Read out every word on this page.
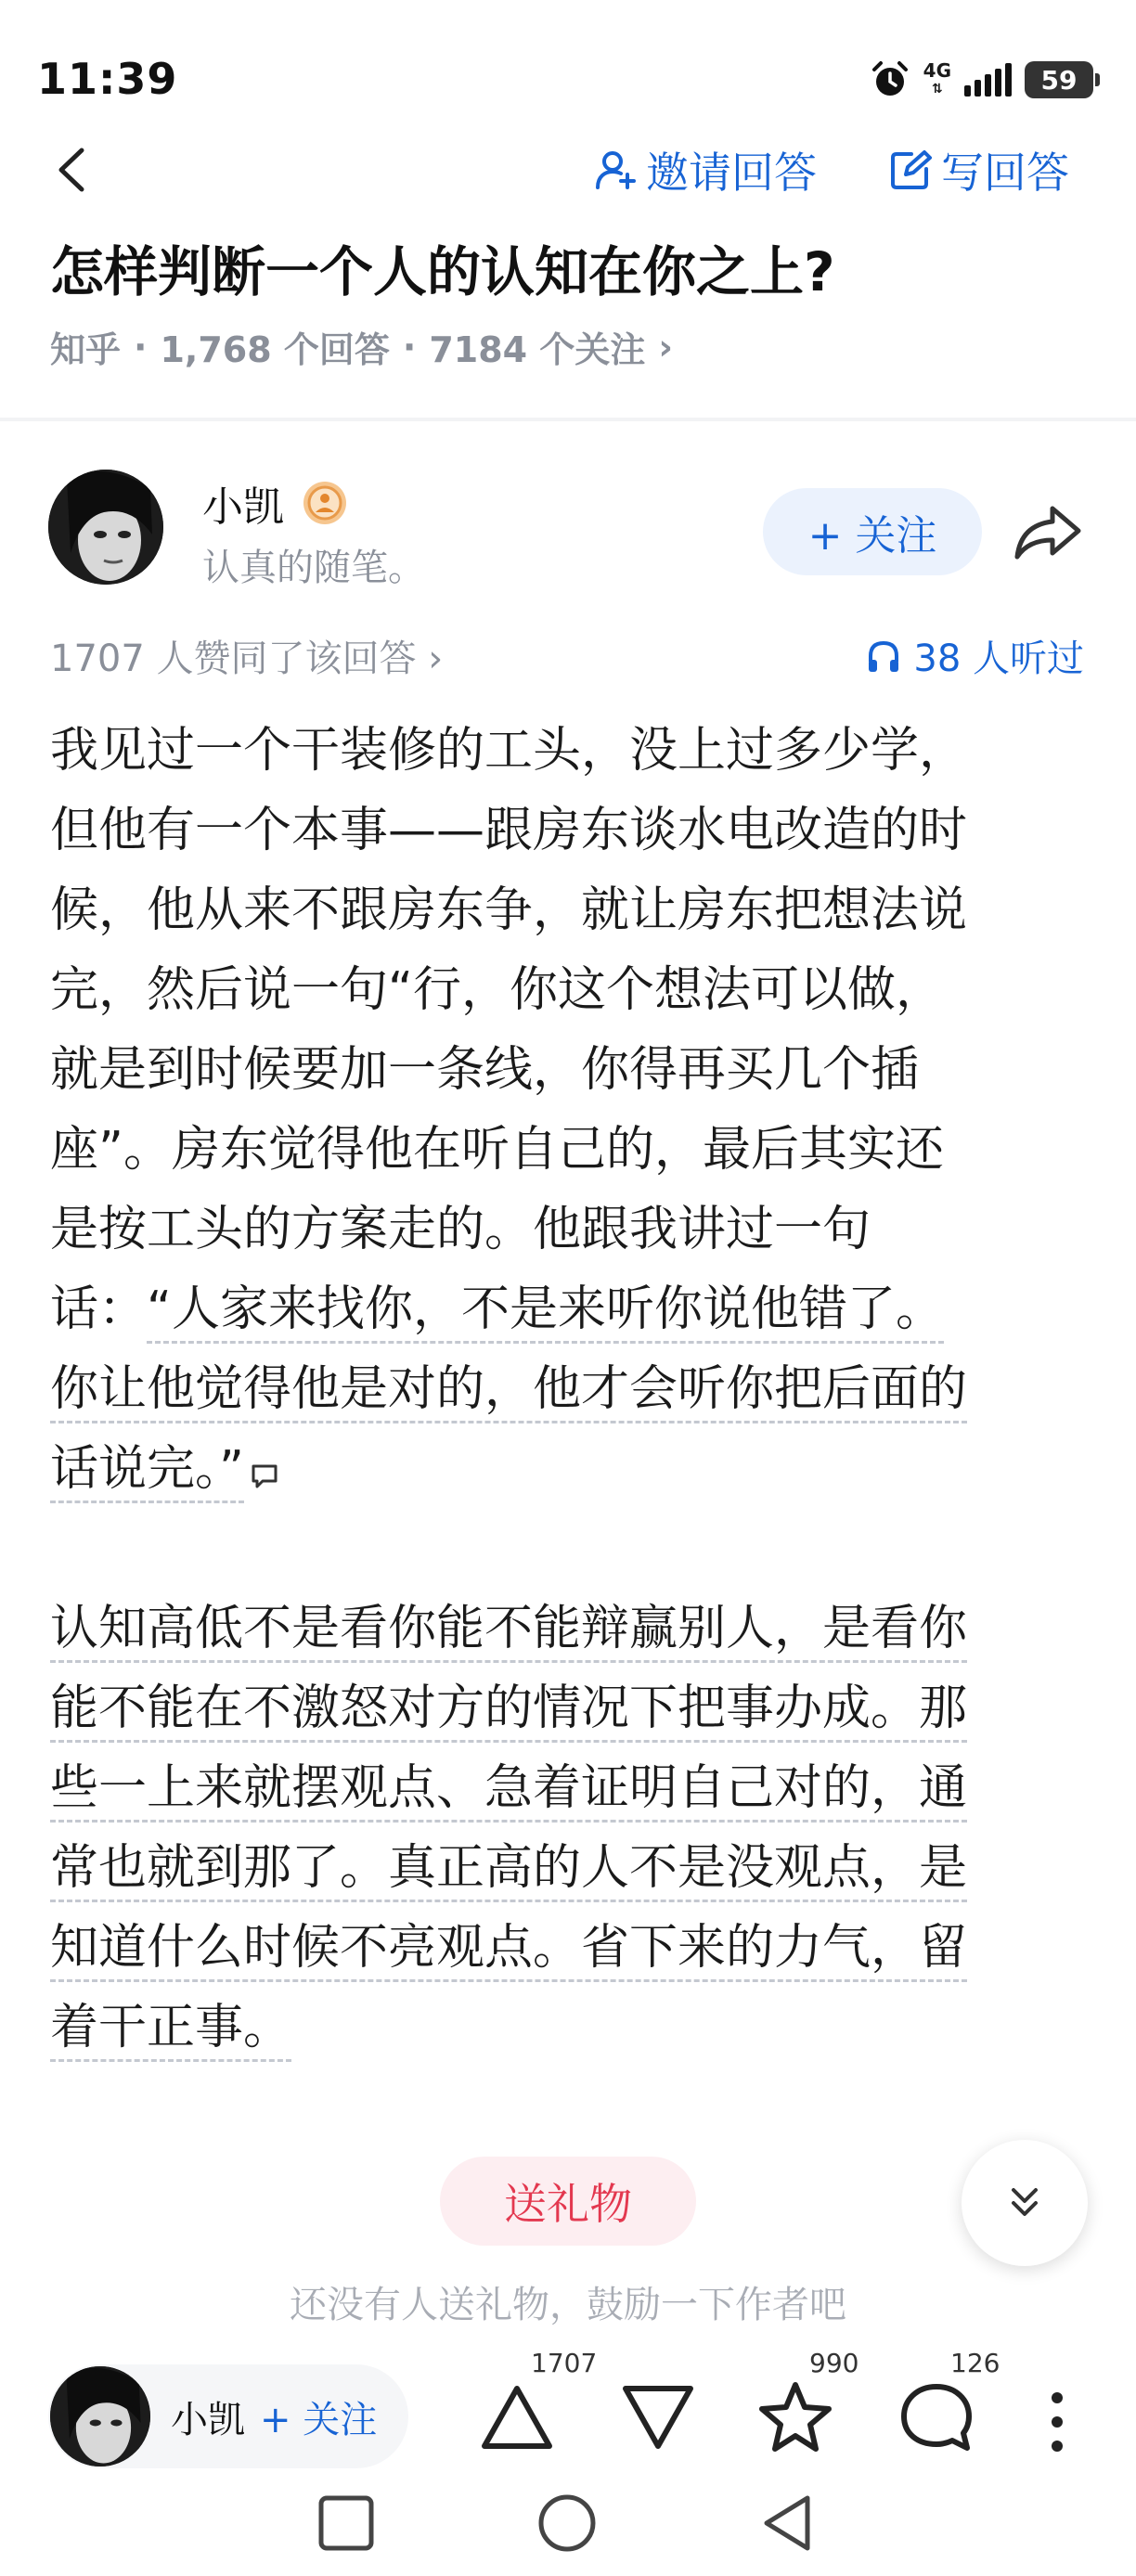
11:39	4G
⇅	59
邀请回答	写回答
怎样判断一个人的认知在你之上?
知乎 · 1,768 个回答 · 7184 个关注 ›
小凯
认真的随笔。
+ 关注
1707 人赞同了该回答 ›	38 人听过
我见过一个干装修的工头，没上过多少学，
但他有一个本事——跟房东谈水电改造的时
候，他从来不跟房东争，就让房东把想法说
完，然后说一句“行，你这个想法可以做，
就是到时候要加一条线，你得再买几个插
座”。房东觉得他在听自己的，最后其实还
是按工头的方案走的。他跟我讲过一句
话：“人家来找你，不是来听你说他错了。
你让他觉得他是对的，他才会听你把后面的
话说完。”
认知高低不是看你能不能辩赢别人，是看你
能不能在不激怒对方的情况下把事办成。那
些一上来就摆观点、急着证明自己对的，通
常也就到那了。真正高的人不是没观点，是
知道什么时候不亮观点。省下来的力气，留
着干正事。
送礼物
还没有人送礼物，鼓励一下作者吧
小凯 + 关注
1707	990	126
